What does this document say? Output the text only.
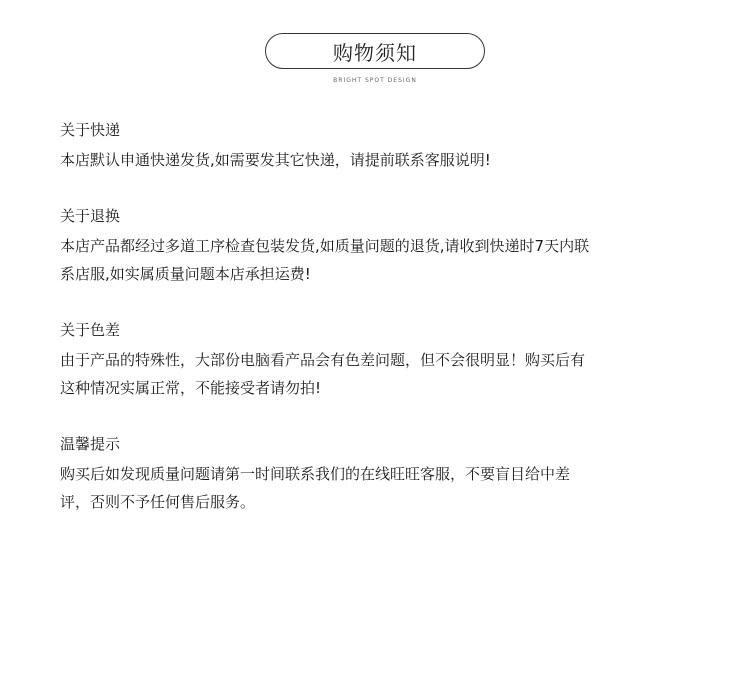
购物须知
BRIGHT SPOT DESIGN
关于快递
本店默认申通快递发货,如需要发其它快递，请提前联系客服说明!
关于退换
本店产品都经过多道工序检查包装发货,如质量问题的退货,请收到快递时7天内联
系店服,如实属质量问题本店承担运费!
关于色差
由于产品的特殊性，大部份电脑看产品会有色差问题，但不会很明显！购买后有
这种情况实属正常，不能接受者请勿拍!
温馨提示
购买后如发现质量问题请第一时间联系我们的在线旺旺客服，不要盲目给中差
评，否则不予任何售后服务。
